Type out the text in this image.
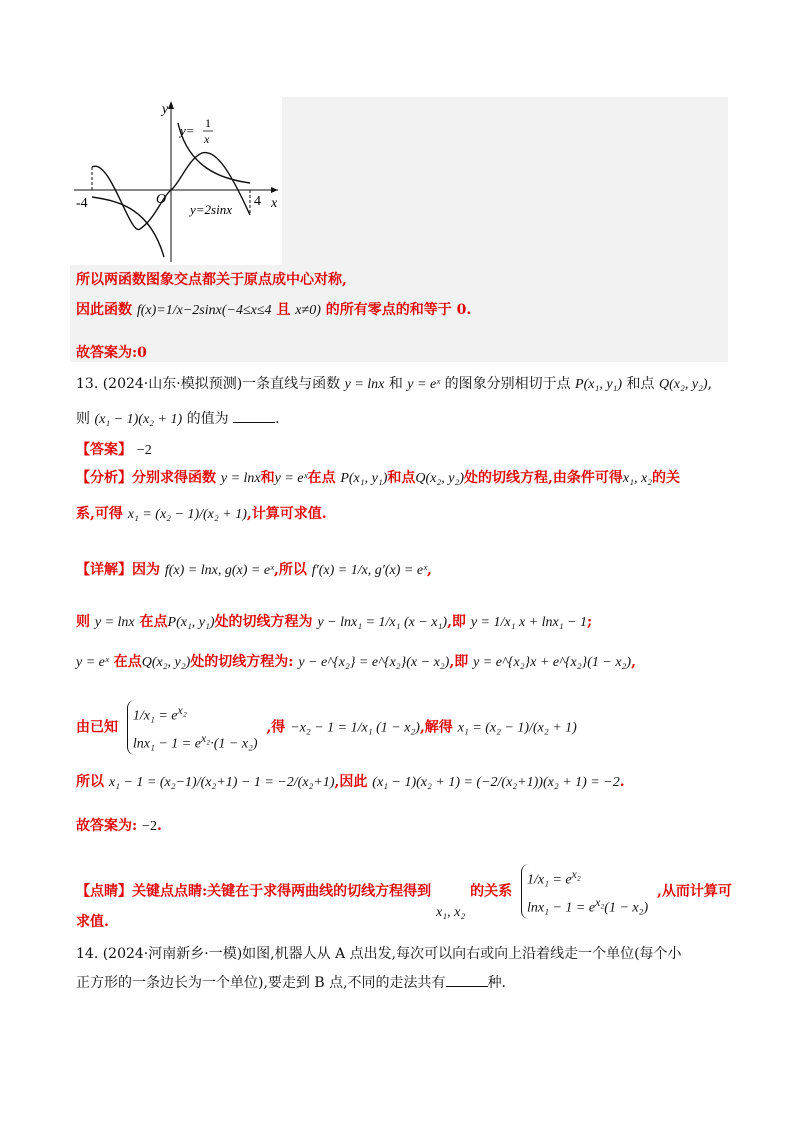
y
x
O
-4	4
y= 1
x
y=2sinx
所以两函数图象交点都关于原点成中心对称,
因此函数 f(x)=1/x−2sinx(−4≤x≤4 且 x≠0) 的所有零点的和等于 0.
故答案为:0
13. (2024·山东·模拟预测)一条直线与函数 y = lnx 和 y = eˣ 的图象分别相切于点 P(x₁, y₁) 和点 Q(x₂, y₂),
则 (x₁ − 1)(x₂ + 1) 的值为	.
【答案】 −2
【分析】分别求得函数 y = lnx和y = eˣ在点 P(x₁, y₁)和点Q(x₂, y₂)处的切线方程,由条件可得x₁, x₂的关
系,可得 x₁ = (x₂ − 1)/(x₂ + 1),计算可求值.
【详解】因为 f(x) = lnx, g(x) = eˣ,所以 f′(x) = 1/x, g′(x) = eˣ,
则 y = lnx 在点P(x₁, y₁)处的切线方程为 y − lnx₁ = 1/x₁ (x − x₁),即 y = 1/x₁ x + lnx₁ − 1;
y = eˣ 在点Q(x₂, y₂)处的切线方程为: y − e^{x₂} = e^{x₂}(x − x₂),即 y = e^{x₂}x + e^{x₂}(1 − x₂),
由已知
$1/x_1 = e^{x_2}$
$\ln x_1 - 1 = e^{x_2}\cdot(1 - x_2)$
,得 −x₂ − 1 = 1/x₁ (1 − x₂),解得 x₁ = (x₂ − 1)/(x₂ + 1)
所以 x₁ − 1 = (x₂−1)/(x₂+1) − 1 = −2/(x₂+1),因此 (x₁ − 1)(x₂ + 1) = (−2/(x₂+1))(x₂ + 1) = −2.
故答案为: −2.
【点睛】关键点点睛:关键在于求得两曲线的切线方程得到 x₁, x₂ 的关系
$1/x_1 = e^{x_2}$
$\ln x_1 - 1 = e^{x_2}(1 - x_2)$
,从而计算可
求值.
14. (2024·河南新乡·一模)如图,机器人从 A 点出发,每次可以向右或向上沿着线走一个单位(每个小
正方形的一条边长为一个单位),要走到 B 点,不同的走法共有	种.
